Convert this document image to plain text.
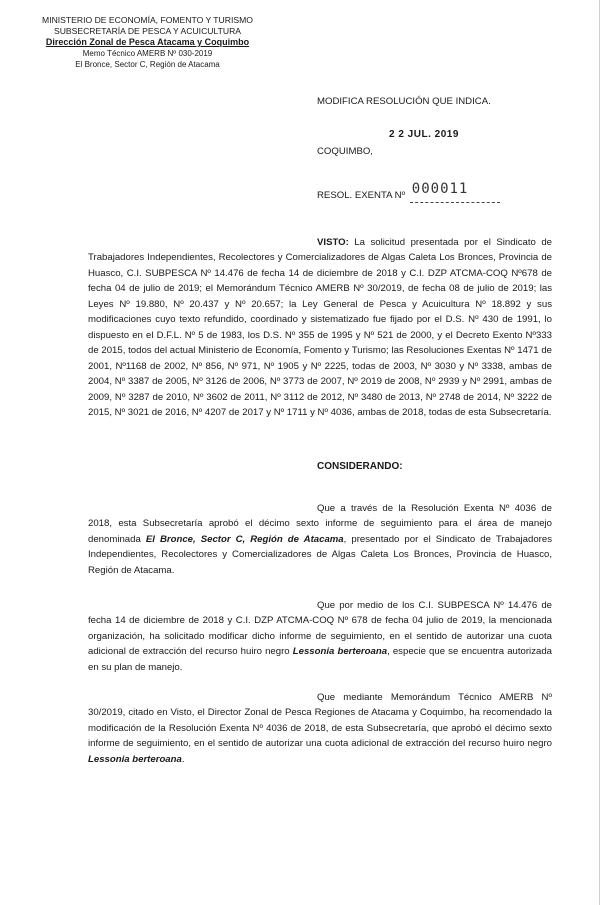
MINISTERIO DE ECONOMÍA, FOMENTO Y TURISMO
SUBSECRETARÍA DE PESCA Y ACUICULTURA
Dirección Zonal de Pesca Atacama y Coquimbo
Memo Técnico AMERB Nº 030-2019
El Bronce, Sector C, Región de Atacama
MODIFICA RESOLUCIÓN QUE INDICA.
2 2 JUL. 2019
COQUIMBO,
RESOL. EXENTA Nº 000011

VISTO: La solicitud presentada por el Sindicato de Trabajadores Independientes, Recolectores y Comercializadores de Algas Caleta Los Bronces, Provincia de Huasco, C.I. SUBPESCA Nº 14.476 de fecha 14 de diciembre de 2018 y C.I. DZP ATCMA-COQ Nº678 de fecha 04 de julio de 2019; el Memorándum Técnico AMERB Nº 30/2019, de fecha 08 de julio de 2019; las Leyes Nº 19.880, Nº 20.437 y Nº 20.657; la Ley General de Pesca y Acuicultura Nº 18.892 y sus modificaciones cuyo texto refundido, coordinado y sistematizado fue fijado por el D.S. Nº 430 de 1991, lo dispuesto en el D.F.L. Nº 5 de 1983, los D.S. Nº 355 de 1995 y Nº 521 de 2000, y el Decreto Exento Nº333 de 2015, todos del actual Ministerio de Economía, Fomento y Turismo; las Resoluciones Exentas Nº 1471 de 2001, Nº1168 de 2002, Nº 856, Nº 971, Nº 1905 y Nº 2225, todas de 2003, Nº 3030 y Nº 3338, ambas de 2004, Nº 3387 de 2005, Nº 3126 de 2006, Nº 3773 de 2007, Nº 2019 de 2008, Nº 2939 y Nº 2991, ambas de 2009, Nº 3287 de 2010, Nº 3602 de 2011, Nº 3112 de 2012, Nº 3480 de 2013, Nº 2748 de 2014, Nº 3222 de 2015, Nº 3021 de 2016, Nº 4207 de 2017 y Nº 1711 y Nº 4036, ambas de 2018, todas de esta Subsecretaría.

CONSIDERANDO:

Que a través de la Resolución Exenta Nº 4036 de 2018, esta Subsecretaría aprobó el décimo sexto informe de seguimiento para el área de manejo denominada El Bronce, Sector C, Región de Atacama, presentado por el Sindicato de Trabajadores Independientes, Recolectores y Comercializadores de Algas Caleta Los Bronces, Provincia de Huasco, Región de Atacama.

Que por medio de los C.I. SUBPESCA Nº 14.476 de fecha 14 de diciembre de 2018 y C.I. DZP ATCMA-COQ Nº 678 de fecha 04 julio de 2019, la mencionada organización, ha solicitado modificar dicho informe de seguimiento, en el sentido de autorizar una cuota adicional de extracción del recurso huiro negro Lessonia berteroana, especie que se encuentra autorizada en su plan de manejo.

Que mediante Memorándum Técnico AMERB Nº 30/2019, citado en Visto, el Director Zonal de Pesca Regiones de Atacama y Coquimbo, ha recomendado la modificación de la Resolución Exenta Nº 4036 de 2018, de esta Subsecretaría, que aprobó el décimo sexto informe de seguimiento, en el sentido de autorizar una cuota adicional de extracción del recurso huiro negro Lessonia berteroana.
